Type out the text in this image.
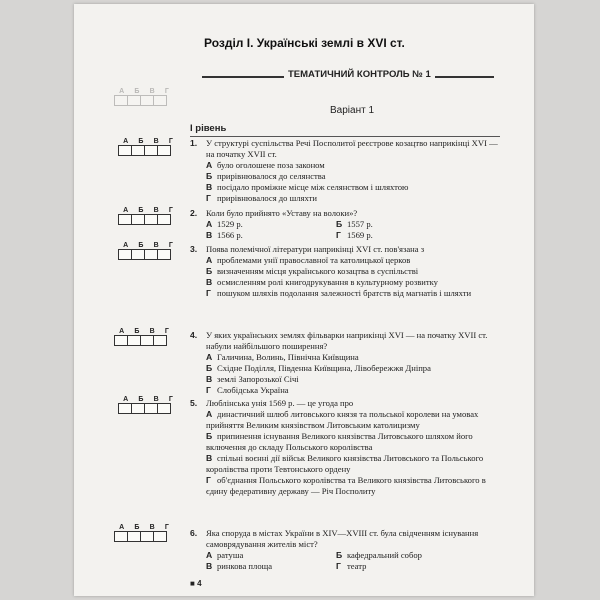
Розділ І. Українські землі в XVI ст.
ТЕМАТИЧНИЙ КОНТРОЛЬ № 1
Варіант 1
І рівень
А Б В Г
А Б В Г
А Б В Г
А Б В Г
А Б В Г
А Б В Г
А Б В Г
1. У структурі суспільства Речі Посполитої реєстрове козацтво наприкінці XVI — на початку XVII ст.
А було оголошене поза законом
Б прирівнювалося до селянства
В посідало проміжне місце між селянством і шляхтою
Г прирівнювалося до шляхти
2. Коли було прийнято «Уставу на волоки»?
А 1529 р.	Б 1557 р.
В 1566 р.	Г 1569 р.
3. Поява полемічної літератури наприкінці XVI ст. пов'язана з
А проблемами унії православної та католицької церков
Б визначенням місця українського козацтва в суспільстві
В осмисленням ролі книгодрукування в культурному розвитку
Г пошуком шляхів подолання залежності братств від магнатів і шляхти
4. У яких українських землях фільварки наприкінці XVI — на початку XVII ст. набули найбільшого поширення?
А Галичина, Волинь, Північна Київщина
Б Східне Поділля, Південна Київщина, Лівобережжя Дніпра
В землі Запорозької Січі
Г Слобідська Україна
5. Люблінська унія 1569 р. — це угода про
А династичний шлюб литовського князя та польської королеви на умовах прийняття Великим князівством Литовським католицизму
Б припинення існування Великого князівства Литовського шляхом його включення до складу Польського королівства
В спільні воєнні дії військ Великого князівства Литовського та Польського королівства проти Тевтонського ордену
Г об'єднання Польського королівства та Великого князівства Литовського в єдину федеративну державу — Річ Посполиту
6. Яка споруда в містах України в XIV—XVIII ст. була свідченням існування самоврядування жителів міст?
А ратуша	Б кафедральний собор
В ринкова площа	Г театр
■ 4
